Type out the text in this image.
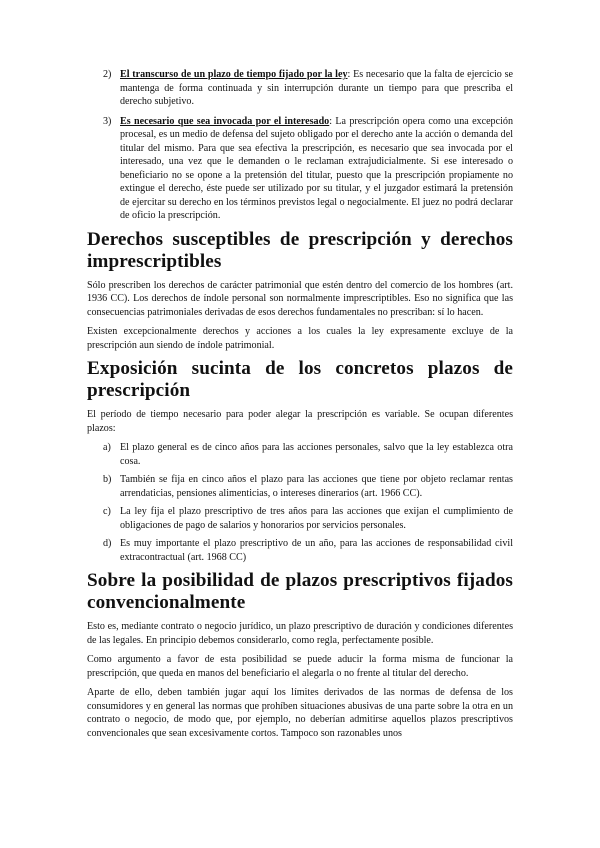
2) El transcurso de un plazo de tiempo fijado por la ley: Es necesario que la falta de ejercicio se mantenga de forma continuada y sin interrupción durante un tiempo para que prescriba el derecho subjetivo.
3) Es necesario que sea invocada por el interesado: La prescripción opera como una excepción procesal, es un medio de defensa del sujeto obligado por el derecho ante la acción o demanda del titular del mismo. Para que sea efectiva la prescripción, es necesario que sea invocada por el interesado, una vez que le demanden o le reclaman extrajudicialmente. Si ese interesado o beneficiario no se opone a la pretensión del titular, puesto que la prescripción propiamente no extingue el derecho, éste puede ser utilizado por su titular, y el juzgador estimará la pretensión de ejercitar su derecho en los términos previstos legal o negocialmente. El juez no podrá declarar de oficio la prescripción.
Derechos susceptibles de prescripción y derechos imprescriptibles

Sólo prescriben los derechos de carácter patrimonial que estén dentro del comercio de los hombres (art. 1936 CC). Los derechos de índole personal son normalmente imprescriptibles. Eso no significa que las consecuencias patrimoniales derivadas de esos derechos fundamentales no prescriban: sí lo hacen.

Existen excepcionalmente derechos y acciones a los cuales la ley expresamente excluye de la prescripción aun siendo de índole patrimonial.

Exposición sucinta de los concretos plazos de prescripción

El período de tiempo necesario para poder alegar la prescripción es variable. Se ocupan diferentes plazos:

a) El plazo general es de cinco años para las acciones personales, salvo que la ley establezca otra cosa.
b) También se fija en cinco años el plazo para las acciones que tiene por objeto reclamar rentas arrendaticias, pensiones alimenticias, o intereses dinerarios (art. 1966 CC).
c) La ley fija el plazo prescriptivo de tres años para las acciones que exijan el cumplimiento de obligaciones de pago de salarios y honorarios por servicios personales.
d) Es muy importante el plazo prescriptivo de un año, para las acciones de responsabilidad civil extracontractual (art. 1968 CC)
Sobre la posibilidad de plazos prescriptivos fijados convencionalmente

Esto es, mediante contrato o negocio jurídico, un plazo prescriptivo de duración y condiciones diferentes de las legales. En principio debemos considerarlo, como regla, perfectamente posible.

Como argumento a favor de esta posibilidad se puede aducir la forma misma de funcionar la prescripción, que queda en manos del beneficiario el alegarla o no frente al titular del derecho.

Aparte de ello, deben también jugar aquí los límites derivados de las normas de defensa de los consumidores y en general las normas que prohíben situaciones abusivas de una parte sobre la otra en un contrato o negocio, de modo que, por ejemplo, no deberían admitirse aquellos plazos prescriptivos convencionales que sean excesivamente cortos. Tampoco son razonables unos
